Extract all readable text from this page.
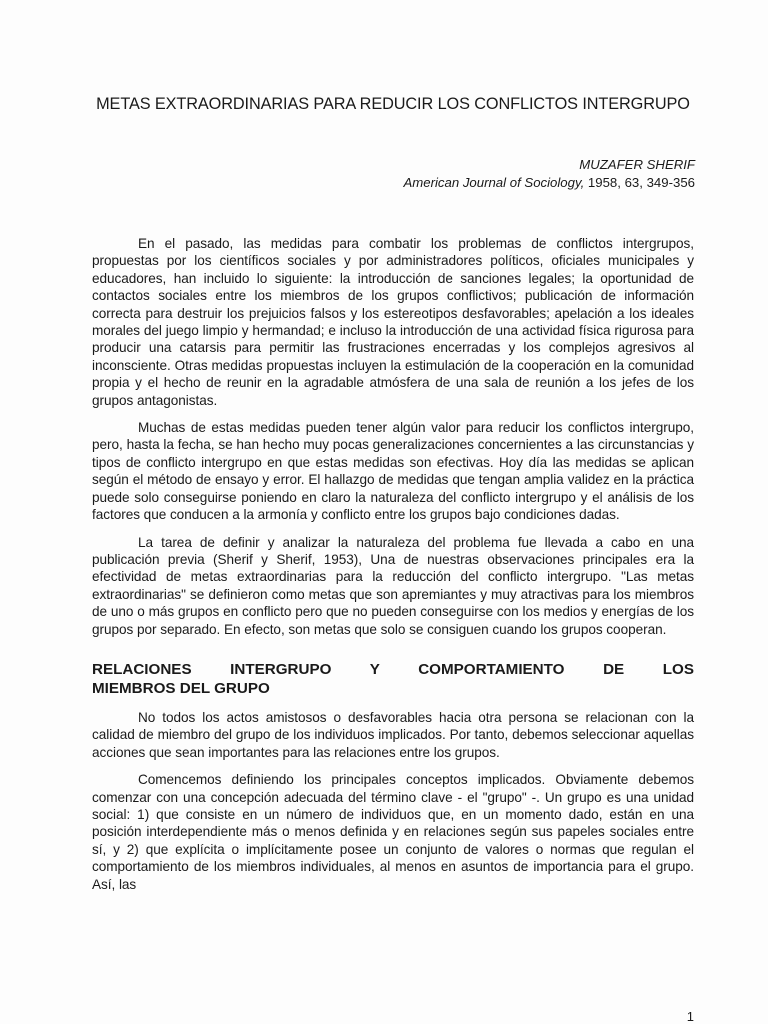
METAS EXTRAORDINARIAS PARA REDUCIR LOS CONFLICTOS INTERGRUPO
MUZAFER SHERIF
American Journal of Sociology, 1958, 63, 349-356

En el pasado, las medidas para combatir los problemas de conflictos intergrupos, propuestas por los científicos sociales y por administradores políticos, oficiales municipales y educadores, han incluido lo siguiente: la introducción de sanciones legales; la oportunidad de contactos sociales entre los miembros de los grupos conflictivos; publicación de información correcta para destruir los prejuicios falsos y los estereotipos desfavorables; apelación a los ideales morales del juego limpio y hermandad; e incluso la introducción de una actividad física rigurosa para producir una catarsis para permitir las frustraciones encerradas y los complejos agresivos al inconsciente. Otras medidas propuestas incluyen la estimulación de la cooperación en la comunidad propia y el hecho de reunir en la agradable atmósfera de una sala de reunión a los jefes de los grupos antagonistas.

Muchas de estas medidas pueden tener algún valor para reducir los conflictos intergrupo, pero, hasta la fecha, se han hecho muy pocas generalizaciones concernientes a las circunstancias y tipos de conflicto intergrupo en que estas medidas son efectivas. Hoy día las medidas se aplican según el método de ensayo y error. El hallazgo de medidas que tengan amplia validez en la práctica puede solo conseguirse poniendo en claro la naturaleza del conflicto intergrupo y el análisis de los factores que conducen a la armonía y conflicto entre los grupos bajo condiciones dadas.

La tarea de definir y analizar la naturaleza del problema fue llevada a cabo en una publicación previa (Sherif y Sherif, 1953), Una de nuestras observaciones principales era la efectividad de metas extraordinarias para la reducción del conflicto intergrupo. "Las metas extraordinarias" se definieron como metas que son apremiantes y muy atractivas para los miembros de uno o más grupos en conflicto pero que no pueden conseguirse con los medios y energías de los grupos por separado. En efecto, son metas que solo se consiguen cuando los grupos cooperan.

RELACIONES INTERGRUPO Y COMPORTAMIENTO DE LOS
MIEMBROS DEL GRUPO

No todos los actos amistosos o desfavorables hacia otra persona se relacionan con la calidad de miembro del grupo de los individuos implicados. Por tanto, debemos seleccionar aquellas acciones que sean importantes para las relaciones entre los grupos.

Comencemos definiendo los principales conceptos implicados. Obviamente debemos comenzar con una concepción adecuada del término clave - el "grupo" -. Un grupo es una unidad social: 1) que consiste en un número de individuos que, en un momento dado, están en una posición interdependiente más o menos definida y en relaciones según sus papeles sociales entre sí, y 2) que explícita o implícitamente posee un conjunto de valores o normas que regulan el comportamiento de los miembros individuales, al menos en asuntos de importancia para el grupo. Así, las

1
